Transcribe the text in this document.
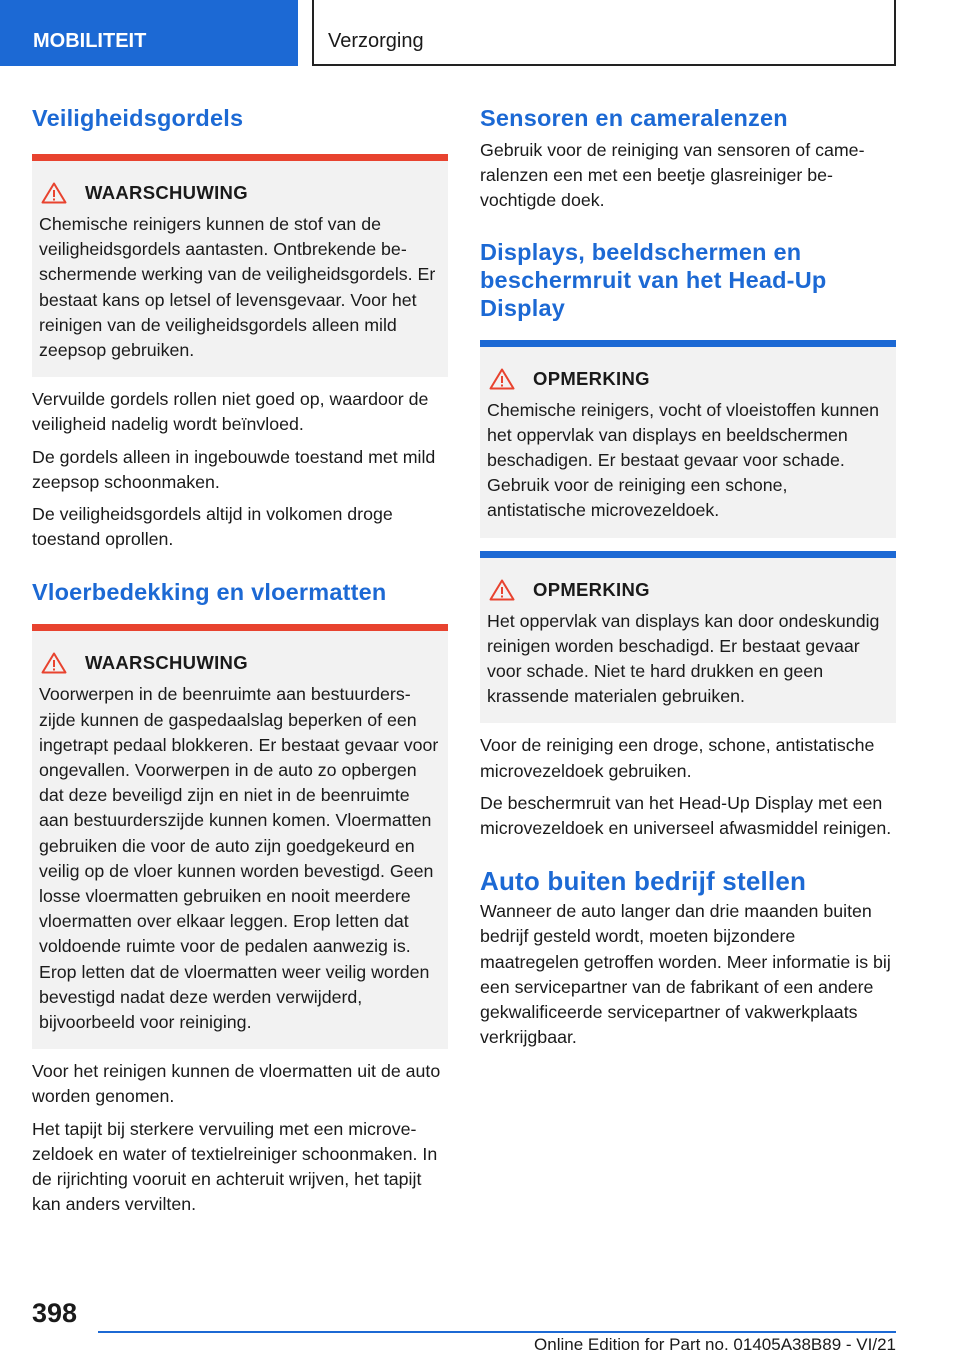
MOBILITEIT	Verzorging
Veiligheidsgordels
WAARSCHUWING

Chemische reinigers kunnen de stof van de veiligheidsgordels aantasten. Ontbrekende beschermende werking van de veiligheidsgordels. Er bestaat kans op letsel of levensgevaar. Voor het reinigen van de veiligheidsgordels alleen mild zeepsop gebruiken.

Vervuilde gordels rollen niet goed op, waardoor de veiligheid nadelig wordt beïnvloed.

De gordels alleen in ingebouwde toestand met mild zeepsop schoonmaken.

De veiligheidsgordels altijd in volkomen droge toestand oprollen.

Vloerbedekking en vloermatten
WAARSCHUWING

Voorwerpen in de beenruimte aan bestuurderszijde kunnen de gaspedaalslag beperken of een ingetrapt pedaal blokkeren. Er bestaat gevaar voor ongevallen. Voorwerpen in de auto zo opbergen dat deze beveiligd zijn en niet in de beenruimte aan bestuurderszijde kunnen komen. Vloermatten gebruiken die voor de auto zijn goedgekeurd en veilig op de vloer kunnen worden bevestigd. Geen losse vloermatten gebruiken en nooit meerdere vloermatten over elkaar leggen. Erop letten dat voldoende ruimte voor de pedalen aanwezig is. Erop letten dat de vloermatten weer veilig worden bevestigd nadat deze werden verwijderd, bijvoorbeeld voor reiniging.

Voor het reinigen kunnen de vloermatten uit de auto worden genomen.

Het tapijt bij sterkere vervuiling met een microvezeldoek en water of textielreiniger schoonmaken. In de rijrichting vooruit en achteruit wrijven, het tapijt kan anders vervilten.

Sensoren en cameralenzen

Gebruik voor de reiniging van sensoren of cameralenzen een met een beetje glasreiniger bevochtigde doek.

Displays, beeldschermen en beschermruit van het Head-Up Display
OPMERKING

Chemische reinigers, vocht of vloeistoffen kunnen het oppervlak van displays en beeldschermen beschadigen. Er bestaat gevaar voor schade. Gebruik voor de reiniging een schone, antistatische microvezeldoek.

OPMERKING

Het oppervlak van displays kan door ondeskundig reinigen worden beschadigd. Er bestaat gevaar voor schade. Niet te hard drukken en geen krassende materialen gebruiken.

Voor de reiniging een droge, schone, antistatische microvezeldoek gebruiken.

De beschermruit van het Head-Up Display met een microvezeldoek en universeel afwasmiddel reinigen.

Auto buiten bedrijf stellen

Wanneer de auto langer dan drie maanden buiten bedrijf gesteld wordt, moeten bijzondere maatregelen getroffen worden. Meer informatie is bij een servicepartner van de fabrikant of een andere gekwalificeerde servicepartner of vakwerkplaats verkrijgbaar.

398
Online Edition for Part no. 01405A38B89 - VI/21
